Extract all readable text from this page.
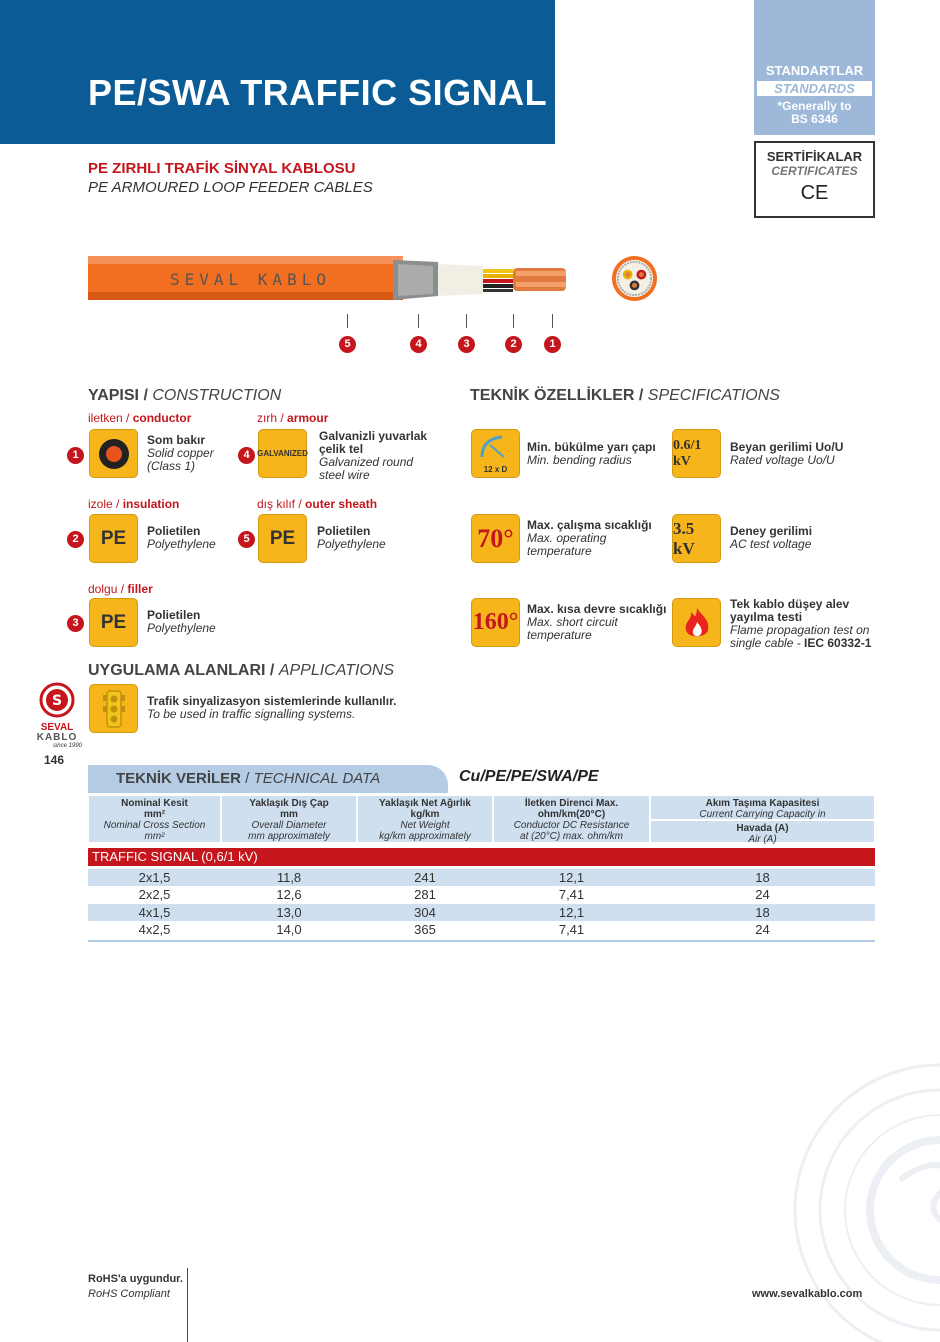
PE/SWA TRAFFIC SIGNAL
STANDARTLAR
STANDARDS
*Generally to
BS 6346
SERTİFİKALAR
CERTIFICATES
CE
PE ZIRHLI TRAFİK SİNYAL KABLOSU
PE ARMOURED LOOP FEEDER CABLES
SEVAL KABLO
5	4	3	2	1
YAPISI / CONSTRUCTION
iletken / conductor
1
Som bakır
Solid copper
(Class 1)
zırh / armour
4 GALVANIZED
Galvanizli yuvarlak
çelik tel
Galvanized round
steel wire
izole / insulation
2	PE	Polietilen
Polyethylene
dış kılıf / outer sheath
5	PE	Polietilen
Polyethylene
dolgu / filler
3	PE	Polietilen
Polyethylene
TEKNİK ÖZELLİKLER / SPECIFICATIONS
12 x D
Min. bükülme yarı çapı
Min. bending radius
0.6/1 kV
Beyan gerilimi Uo/U
Rated voltage Uo/U
70°	Max. çalışma sıcaklığı
Max. operating
temperature
3.5 kV
Deney gerilimi
AC test voltage
160° Max. kısa devre sıcaklığı
Max. short circuit
temperature
Tek kablo düşey alev
yayılma testi
Flame propagation test on
single cable - IEC 60332-1
UYGULAMA ALANLARI / APPLICATIONS
Trafik sinyalizasyon sistemlerinde kullanılır.
To be used in traffic signalling systems.
S
SEVAL
KABLO
since 1990
146
TEKNİK VERİLER / TECHNICAL DATA	Cu/PE/PE/SWA/PE
Nominal Kesit
mm²
Nominal Cross Section
mm²
Yaklaşık Dış Çap
mm
Overall Diameter
mm approximately
Yaklaşık Net Ağırlık
kg/km
Net Weight
kg/km approximately
İletken Direnci Max.
ohm/km(20°C)
Conductor DC Resistance
at (20°C) max. ohm/km
Akım Taşıma Kapasitesi
Current Carrying Capacity in
Havada (A)
Air (A)
TRAFFIC SIGNAL (0,6/1 kV)
2x1,5	11,8	241	12,1	18
2x2,5	12,6	281	7,41	24
4x1,5	13,0	304	12,1	18
4x2,5	14,0	365	7,41	24
RoHS'a uygundur.
RoHS Compliant	www.sevalkablo.com
